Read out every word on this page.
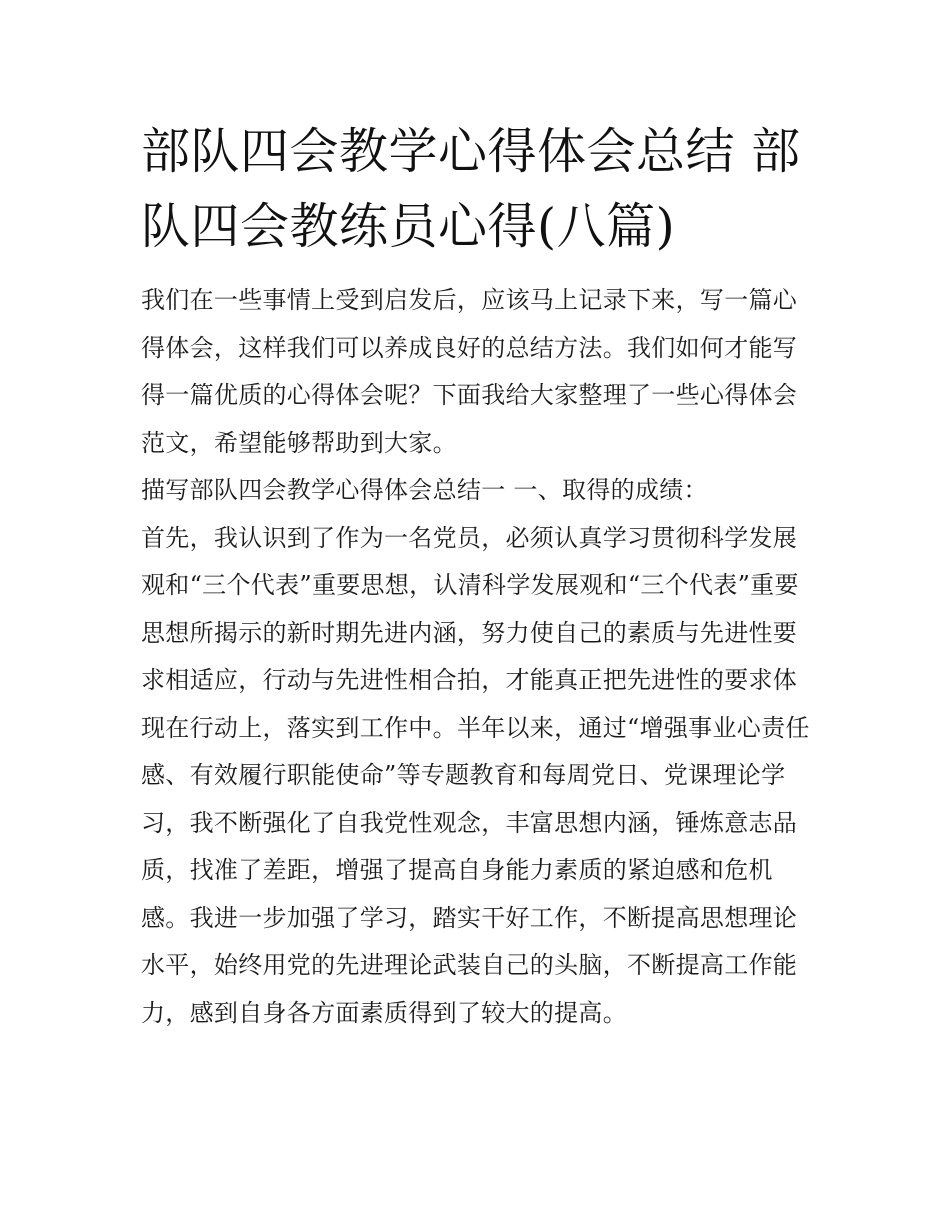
部队四会教学心得体会总结 部队四会教练员心得(八篇)

我们在一些事情上受到启发后，应该马上记录下来，写一篇心得体会，这样我们可以养成良好的总结方法。我们如何才能写得一篇优质的心得体会呢？下面我给大家整理了一些心得体会范文，希望能够帮助到大家。

描写部队四会教学心得体会总结一 一、取得的成绩：

首先，我认识到了作为一名党员，必须认真学习贯彻科学发展观和“三个代表”重要思想，认清科学发展观和“三个代表”重要思想所揭示的新时期先进内涵，努力使自己的素质与先进性要求相适应，行动与先进性相合拍，才能真正把先进性的要求体现在行动上，落实到工作中。半年以来，通过“增强事业心责任感、有效履行职能使命”等专题教育和每周党日、党课理论学习，我不断强化了自我党性观念，丰富思想内涵，锤炼意志品质，找准了差距，增强了提高自身能力素质的紧迫感和危机感。我进一步加强了学习，踏实干好工作，不断提高思想理论水平，始终用党的先进理论武装自己的头脑，不断提高工作能力，感到自身各方面素质得到了较大的提高。
